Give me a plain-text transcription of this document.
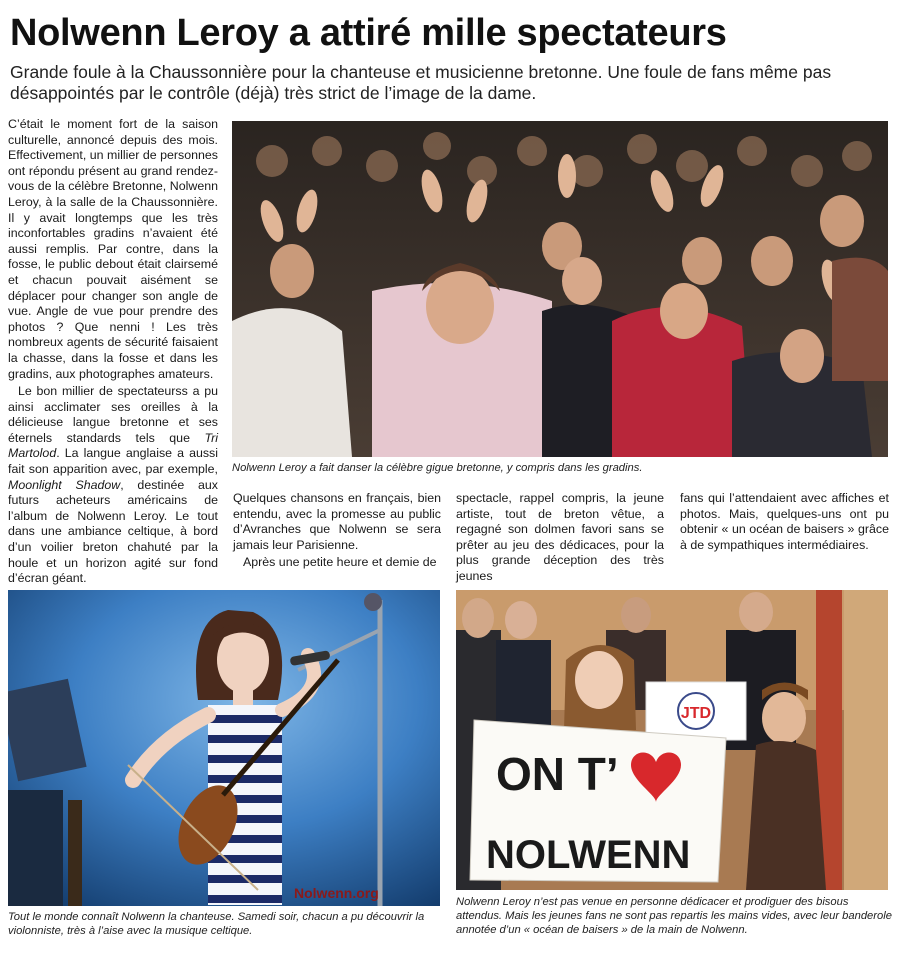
Nolwenn Leroy a attiré mille spectateurs

Grande foule à la Chaussonnière pour la chanteuse et musicienne bretonne. Une foule de fans même pas désappointés par le contrôle (déjà) très strict de l’image de la dame.

C’était le moment fort de la saison culturelle, annoncé depuis des mois. Effectivement, un millier de personnes ont répondu présent au grand rendez-vous de la célèbre Bretonne, Nolwenn Leroy, à la salle de la Chaussonnière. Il y avait longtemps que les très inconfortables gradins n’avaient été aussi remplis. Par contre, dans la fosse, le public debout était clairsemé et chacun pouvait aisément se déplacer pour changer son angle de vue. Angle de vue pour prendre des photos ? Que nenni ! Les très nombreux agents de sécurité faisaient la chasse, dans la fosse et dans les gradins, aux photographes amateurs.

Le bon millier de spectateurss a pu ainsi acclimater ses oreilles à la délicieuse langue bretonne et ses éternels standards tels que Tri Martolod. La langue anglaise a aussi fait son apparition avec, par exemple, Moonlight Shadow, destinée aux futurs acheteurs américains de l’album de Nolwenn Leroy. Le tout dans une ambiance celtique, à bord d’un voilier breton chahuté par la houle et un horizon agité sur fond d’écran géant.

Nolwenn Leroy a fait danser la célèbre gigue bretonne, y compris dans les gradins.

Quelques chansons en français, bien entendu, avec la promesse au public d’Avranches que Nolwenn se sera jamais leur Parisienne.

Après une petite heure et demie de

spectacle, rappel compris, la jeune artiste, tout de breton vêtue, a regagné son dolmen favori sans se prêter au jeu des dédicaces, pour la plus grande déception des très jeunes

fans qui l’attendaient avec affiches et photos. Mais, quelques-uns ont pu obtenir « un océan de baisers » grâce à de sympathiques intermédiaires.

Nolwenn.org

Tout le monde connaît Nolwenn la chanteuse. Samedi soir, chacun a pu découvrir la violonniste, très à l’aise avec la musique celtique.

JTD
ON T’
NOLWENN

Nolwenn Leroy n’est pas venue en personne dédicacer et prodiguer des bisous attendus. Mais les jeunes fans ne sont pas repartis les mains vides, avec leur banderole annotée d’un « océan de baisers » de la main de Nolwenn.
